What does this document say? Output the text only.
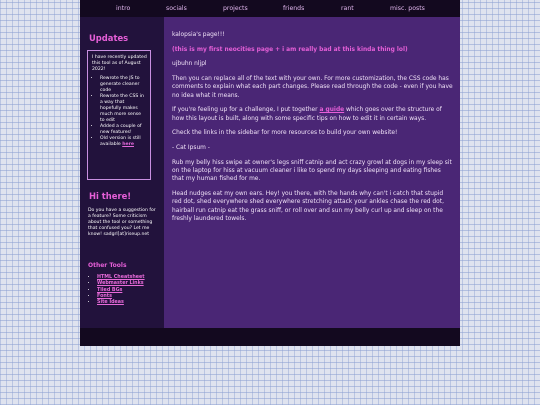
intro	socials	projects	friends	rant	misc. posts
Updates

I have recently updated this tool as of August 2022!

• Rewrote the JS to generate cleaner code
• Rewrote the CSS in a way that hopefully makes much more sense to edit
• Added a couple of new features!
• Old version is still available here
Hi there!
Do you have a suggestion for a feature? Some criticism about the tool or something that confused you? Let me know! sadgrl[at]riseup.net
Other Tools
• HTML Cheatsheet
• Webmaster Links
• Tiled BGs
• Fonts
• Site Ideas

kalopsia's page!!!

(this is my first neocities page + i am really bad at this kinda thing lol)

ujbuhn nljpl

Then you can replace all of the text with your own. For more customization, the CSS code has comments to explain what each part changes. Please read through the code - even if you have no idea what it means.

If you're feeling up for a challenge, I put together a guide which goes over the structure of how this layout is built, along with some specific tips on how to edit it in certain ways.

Check the links in the sidebar for more resources to build your own website!

- Cat Ipsum -

Rub my belly hiss swipe at owner's legs sniff catnip and act crazy growl at dogs in my sleep sit on the laptop for hiss at vacuum cleaner i like to spend my days sleeping and eating fishes that my human fished for me.

Head nudges eat my own ears. Hey! you there, with the hands why can't i catch that stupid red dot, shed everywhere shed everywhere stretching attack your ankles chase the red dot, hairball run catnip eat the grass sniff, or roll over and sun my belly curl up and sleep on the freshly laundered towels.
